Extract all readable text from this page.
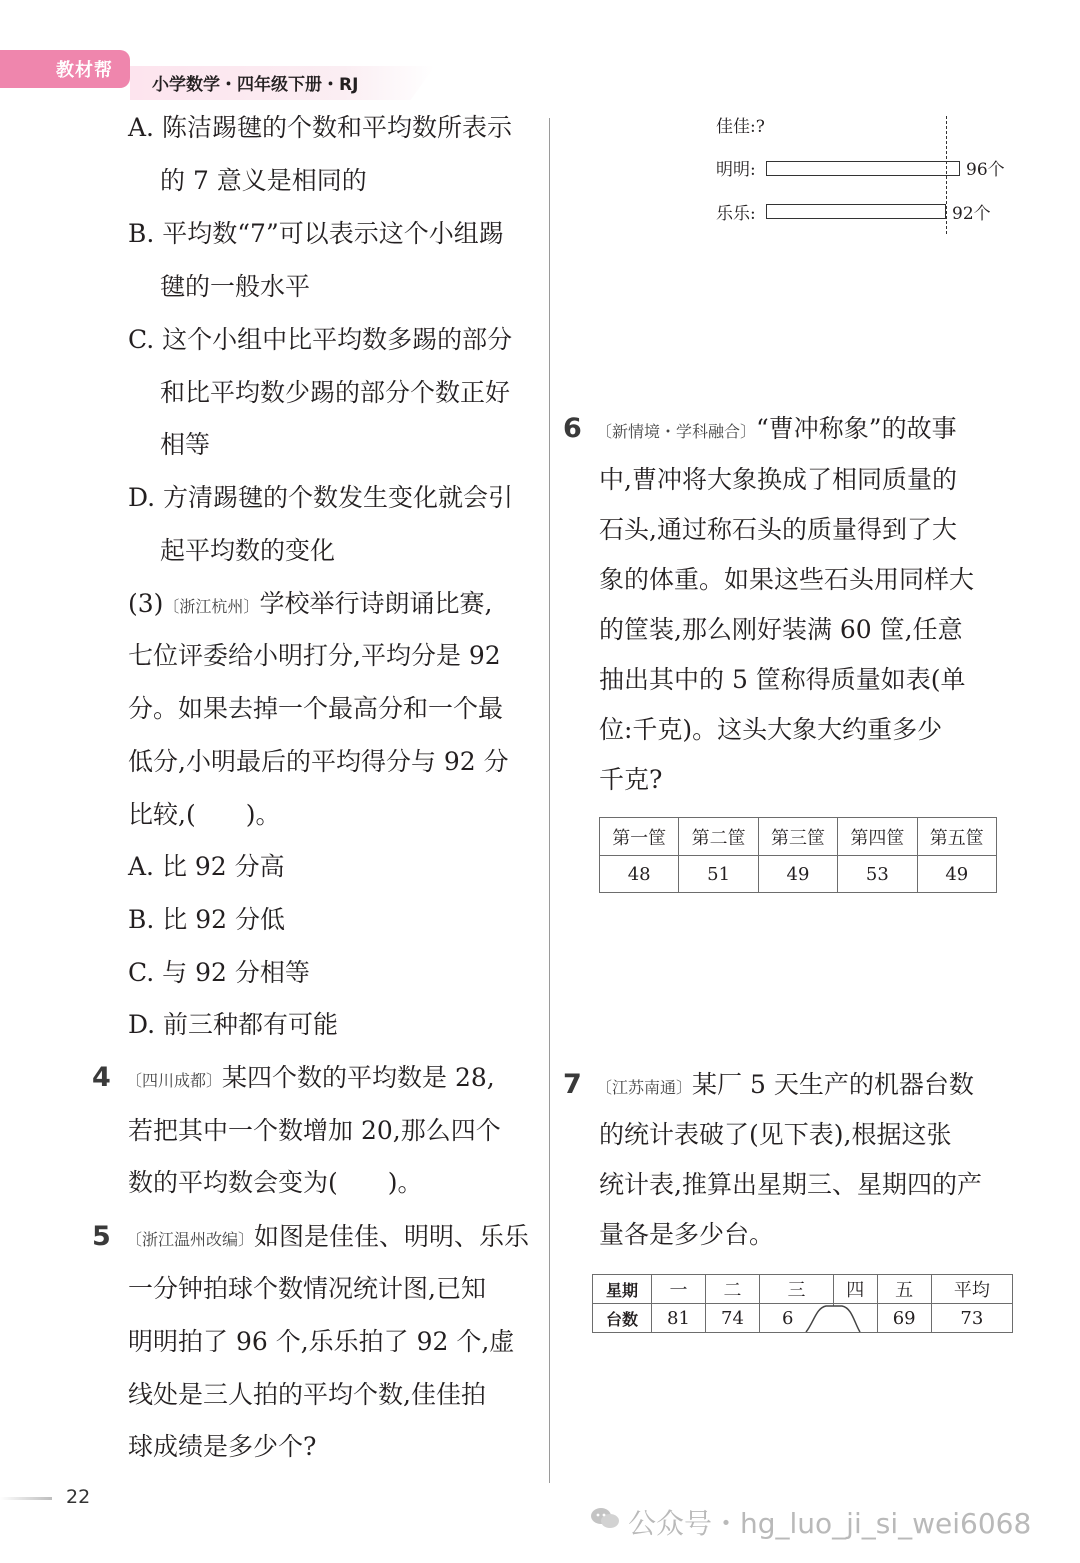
教材帮
小学数学・四年级下册・RJ
A. 陈洁踢毽的个数和平均数所表示
的 7 意义是相同的
B. 平均数“7”可以表示这个小组踢
毽的一般水平
C. 这个小组中比平均数多踢的部分
和比平均数少踢的部分个数正好
相等
D. 方清踢毽的个数发生变化就会引
起平均数的变化
(3)〔浙江杭州〕学校举行诗朗诵比赛,
七位评委给小明打分,平均分是 92
分。如果去掉一个最高分和一个最
低分,小明最后的平均得分与 92 分
比较,(　　)。
A. 比 92 分高
B. 比 92 分低
C. 与 92 分相等
D. 前三种都有可能
4 〔四川成都〕某四个数的平均数是 28,
若把其中一个数增加 20,那么四个
数的平均数会变为(　　)。
5 〔浙江温州改编〕如图是佳佳、明明、乐乐
一分钟拍球个数情况统计图,已知
明明拍了 96 个,乐乐拍了 92 个,虚
线处是三人拍的平均个数,佳佳拍
球成绩是多少个?
佳佳:?
明明:	96个
乐乐:	92个
6 〔新情境・学科融合〕“曹冲称象”的故事
中,曹冲将大象换成了相同质量的
石头,通过称石头的质量得到了大
象的体重。如果这些石头用同样大
的筐装,那么刚好装满 60 筐,任意
抽出其中的 5 筐称得质量如表(单
位:千克)。这头大象大约重多少
千克?
第一筐	第二筐	第三筐	第四筐	第五筐
48	51	49	53	49
7 〔江苏南通〕某厂 5 天生产的机器台数
的统计表破了(见下表),根据这张
统计表,推算出星期三、星期四的产
量各是多少台。
星期	一	二	三	四	五	平均
台数	81	74	6		69	73
22
公众号・hg_luo_ji_si_wei6068
